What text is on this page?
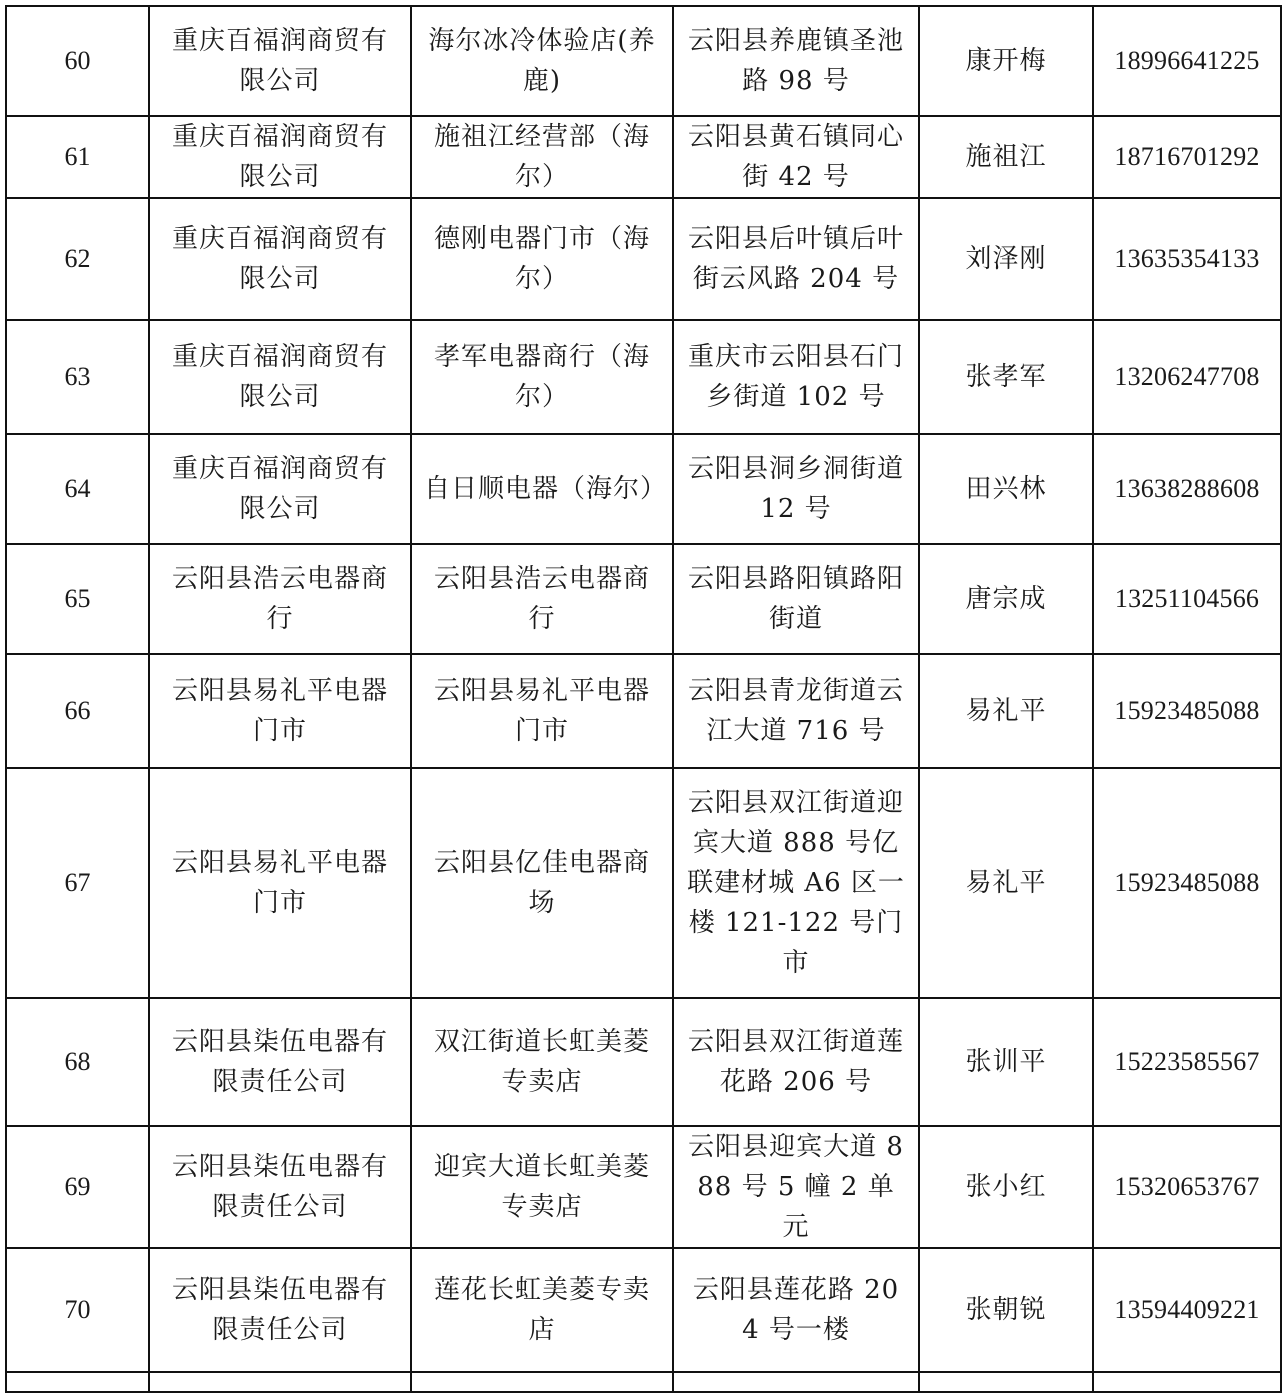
60	重庆百福润商贸有限公司	海尔冰冷体验店(养鹿)	云阳县养鹿镇圣池路 98 号	康开梅	18996641225
61	重庆百福润商贸有限公司	施祖江经营部（海尔）	云阳县黄石镇同心街 42 号	施祖江	18716701292
62	重庆百福润商贸有限公司	德刚电器门市（海尔）	云阳县后叶镇后叶街云风路 204 号	刘泽刚	13635354133
63	重庆百福润商贸有限公司	孝军电器商行（海尔）	重庆市云阳县石门乡街道 102 号	张孝军	13206247708
64	重庆百福润商贸有限公司	自日顺电器（海尔）	云阳县洞乡洞街道 12 号	田兴林	13638288608
65	云阳县浩云电器商行	云阳县浩云电器商行	云阳县路阳镇路阳街道	唐宗成	13251104566
66	云阳县易礼平电器门市	云阳县易礼平电器门市	云阳县青龙街道云江大道 716 号	易礼平	15923485088
67	云阳县易礼平电器门市	云阳县亿佳电器商场	云阳县双江街道迎宾大道 888 号亿联建材城 A6 区一楼 121-122 号门市	易礼平	15923485088
68	云阳县柒伍电器有限责任公司	双江街道长虹美菱专卖店	云阳县双江街道莲花路 206 号	张训平	15223585567
69	云阳县柒伍电器有限责任公司	迎宾大道长虹美菱专卖店	云阳县迎宾大道 888 号 5 幢 2 单元	张小红	15320653767
70	云阳县柒伍电器有限责任公司	莲花长虹美菱专卖店	云阳县莲花路 204 号一楼	张朝锐	13594409221
